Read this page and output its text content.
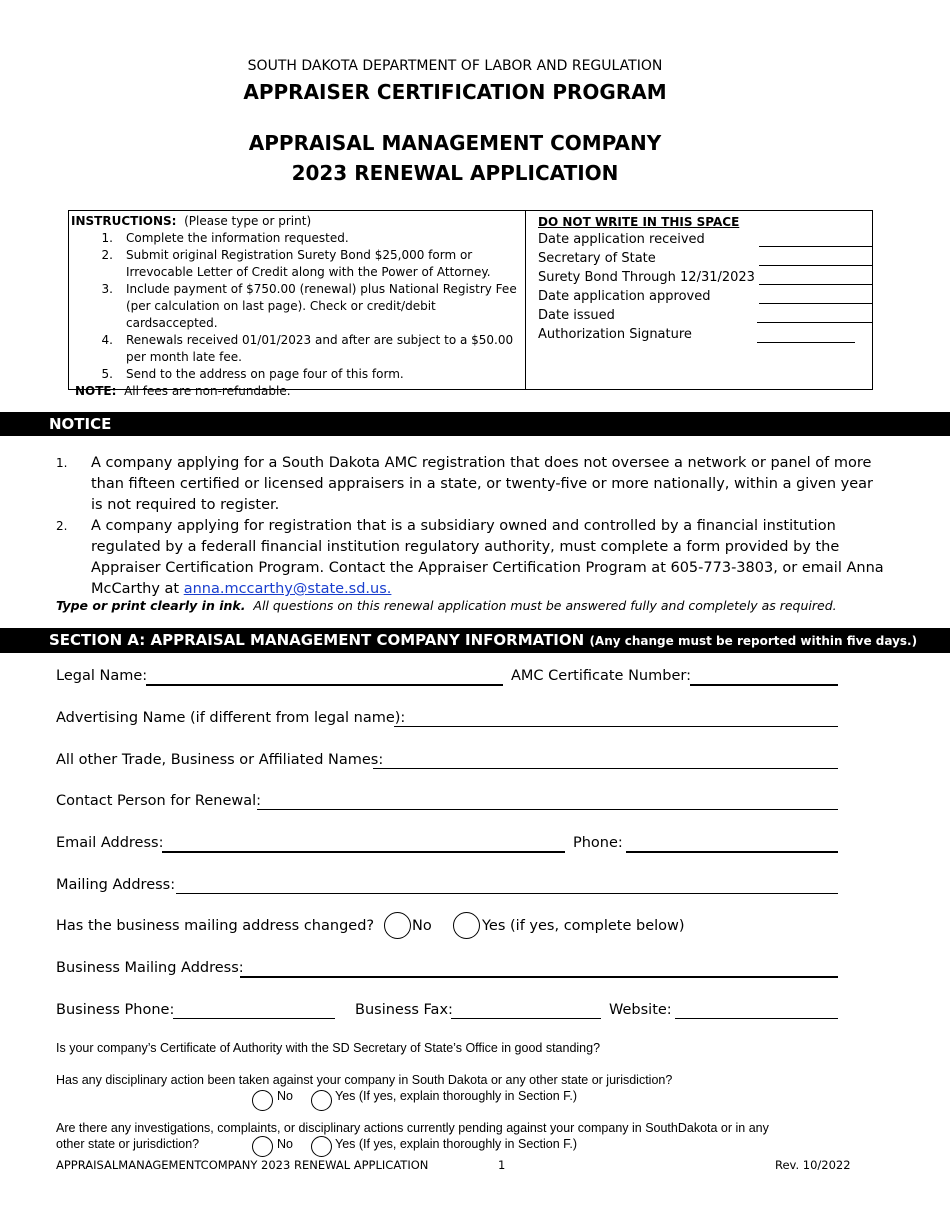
SOUTH DAKOTA DEPARTMENT OF LABOR AND REGULATION
APPRAISER CERTIFICATION PROGRAM
APPRAISAL MANAGEMENT COMPANY
2023 RENEWAL APPLICATION
INSTRUCTIONS: (Please type or print)
1.	Complete the information requested.
2.	Submit original Registration Surety Bond $25,000 form or Irrevocable Letter of Credit along with the Power of Attorney.
3.	Include payment of $750.00 (renewal) plus National Registry Fee (per calculation on last page). Check or credit/debit cardsaccepted.
4.	Renewals received 01/01/2023 and after are subject to a $50.00 per month late fee.
5.	Send to the address on page four of this form.
NOTE: All fees are non-refundable.
DO NOT WRITE IN THIS SPACE
Date application received
Secretary of State
Surety Bond Through 12/31/2023
Date application approved
Date issued
Authorization Signature
NOTICE
1.	A company applying for a South Dakota AMC registration that does not oversee a network or panel of more than fifteen certified or licensed appraisers in a state, or twenty-five or more nationally, within a given year is not required to register.
2.	A company applying for registration that is a subsidiary owned and controlled by a financial institution regulated by a federall financial institution regulatory authority, must complete a form provided by the Appraiser Certification Program. Contact the Appraiser Certification Program at 605-773-3803, or email Anna McCarthy at anna.mccarthy@state.sd.us.
Type or print clearly in ink. All questions on this renewal application must be answered fully and completely as required.
SECTION A: APPRAISAL MANAGEMENT COMPANY INFORMATION (Any change must be reported within five days.)
Legal Name:	AMC Certificate Number:
Advertising Name (if different from legal name):
All other Trade, Business or Affiliated Names:
Contact Person for Renewal:
Email Address:	Phone:
Mailing Address:
Has the business mailing address changed?	No	Yes (if yes, complete below)
Business Mailing Address:
Business Phone:	Business Fax:	Website:
Is your company’s Certificate of Authority with the SD Secretary of State’s Office in good standing?
Has any disciplinary action been taken against your company in South Dakota or any other state or jurisdiction?
No	Yes (If yes, explain thoroughly in Section F.)
Are there any investigations, complaints, or disciplinary actions currently pending against your company in SouthDakota or in any
other state or jurisdiction?	No	Yes (If yes, explain thoroughly in Section F.)
APPRAISALMANAGEMENTCOMPANY 2023 RENEWAL APPLICATION	1	Rev. 10/2022
